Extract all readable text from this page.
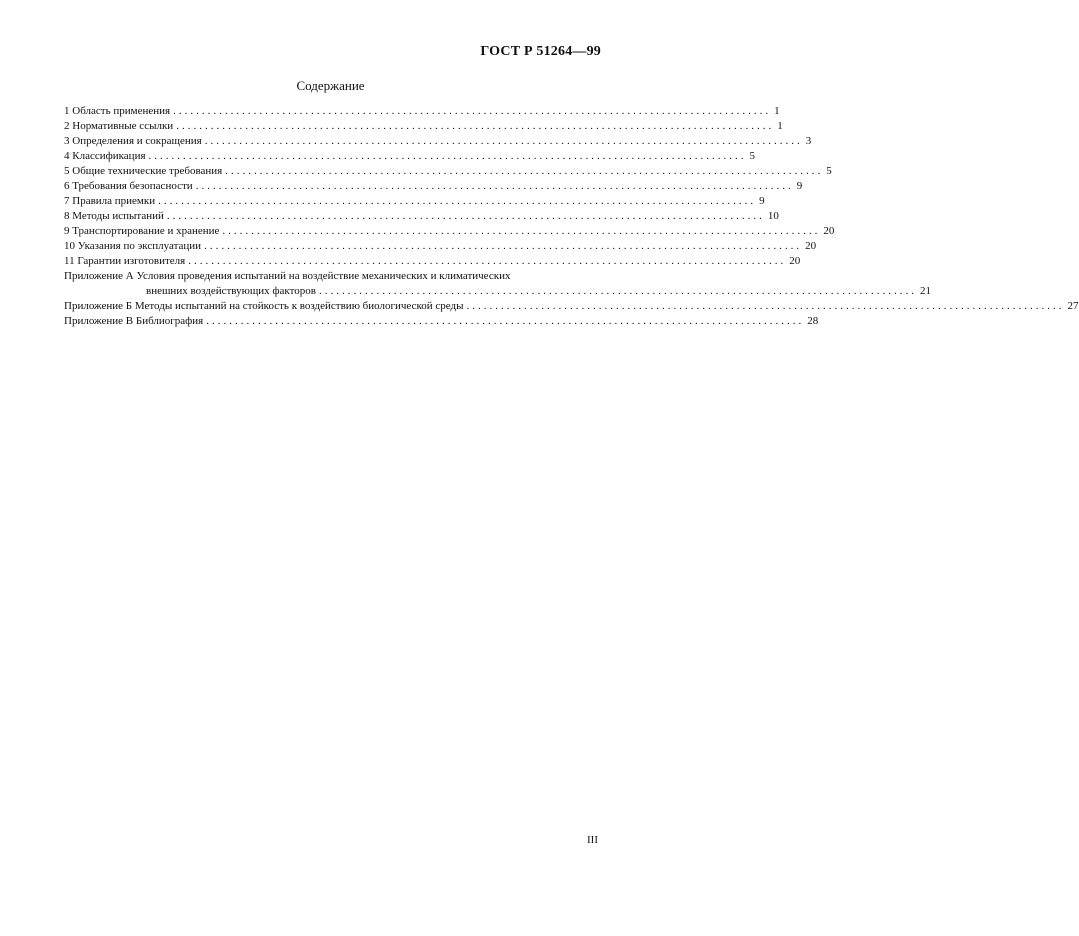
ГОСТ Р 51264—99
Содержание
1 Область применения ........................................................................................................ 1
2 Нормативные ссылки ........................................................................................................ 1
3 Определения и сокращения ........................................................................................................ 3
4 Классификация ........................................................................................................ 5
5 Общие технические требования ........................................................................................................ 5
6 Требования безопасности ........................................................................................................ 9
7 Правила приемки ........................................................................................................ 9
8 Методы испытаний ........................................................................................................ 10
9 Транспортирование и хранение ........................................................................................................ 20
10 Указания по эксплуатации ........................................................................................................ 20
11 Гарантии изготовителя ........................................................................................................ 20
Приложение А Условия проведения испытаний на воздействие механических и климатических
внешних воздействующих факторов ........................................................................................................ 21
Приложение Б Методы испытаний на стойкость к воздействию биологической среды ........................................................................................................ 27
Приложение В Библиография ........................................................................................................ 28
III
